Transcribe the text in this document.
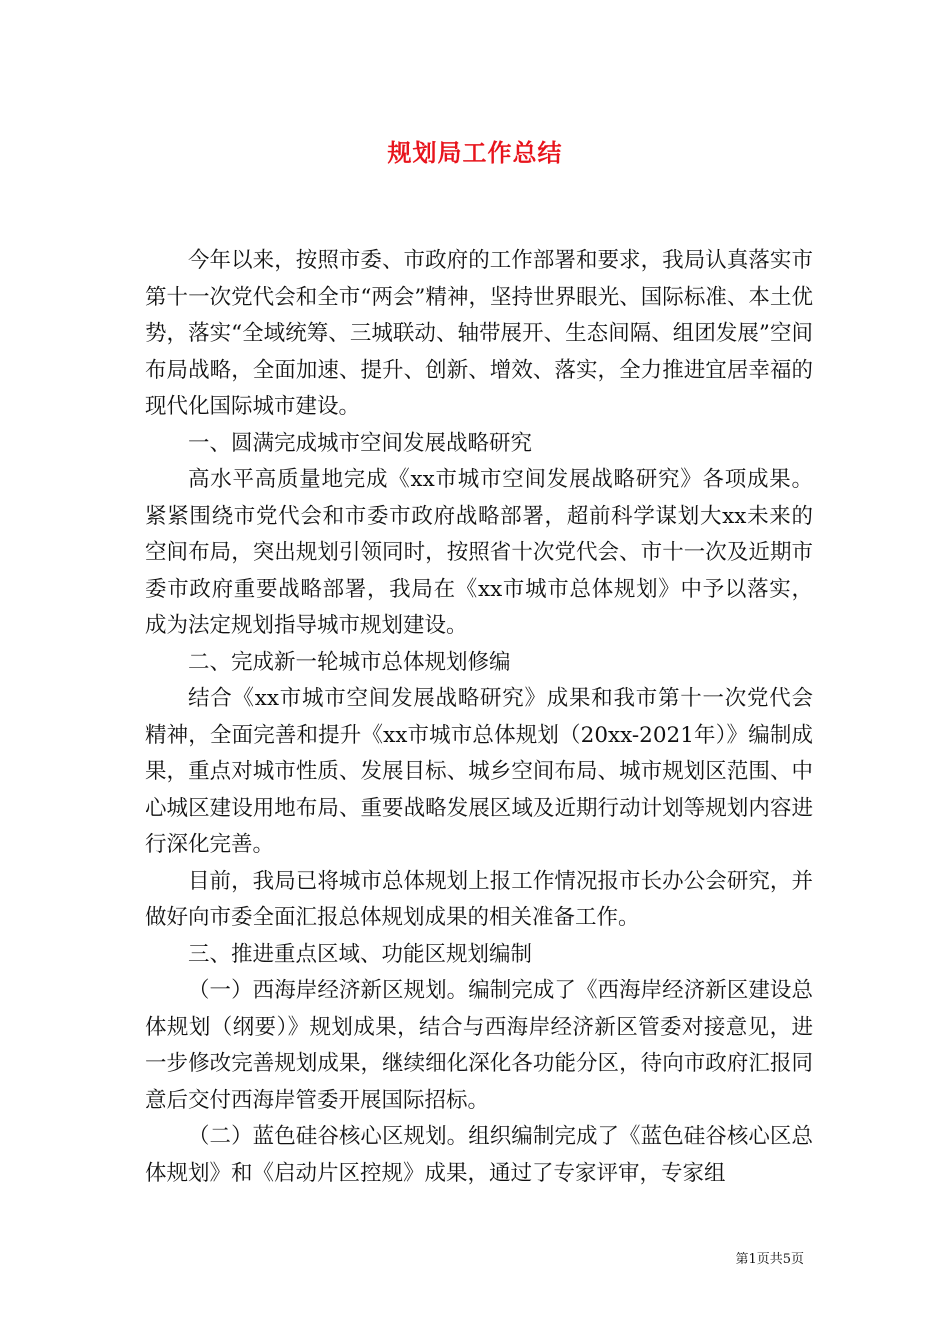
规划局工作总结

今年以来，按照市委、市政府的工作部署和要求，我局认真落实市第十一次党代会和全市“两会”精神，坚持世界眼光、国际标准、本土优势，落实“全域统筹、三城联动、轴带展开、生态间隔、组团发展”空间布局战略，全面加速、提升、创新、增效、落实，全力推进宜居幸福的现代化国际城市建设。

一、圆满完成城市空间发展战略研究

高水平高质量地完成《xx市城市空间发展战略研究》各项成果。紧紧围绕市党代会和市委市政府战略部署，超前科学谋划大xx未来的空间布局，突出规划引领同时，按照省十次党代会、市十一次及近期市委市政府重要战略部署，我局在《xx市城市总体规划》中予以落实，成为法定规划指导城市规划建设。

二、完成新一轮城市总体规划修编

结合《xx市城市空间发展战略研究》成果和我市第十一次党代会精神，全面完善和提升《xx市城市总体规划（20xx-2021年）》编制成果，重点对城市性质、发展目标、城乡空间布局、城市规划区范围、中心城区建设用地布局、重要战略发展区域及近期行动计划等规划内容进行深化完善。

目前，我局已将城市总体规划上报工作情况报市长办公会研究，并做好向市委全面汇报总体规划成果的相关准备工作。

三、推进重点区域、功能区规划编制

（一）西海岸经济新区规划。编制完成了《西海岸经济新区建设总体规划（纲要）》规划成果，结合与西海岸经济新区管委对接意见，进一步修改完善规划成果，继续细化深化各功能分区，待向市政府汇报同意后交付西海岸管委开展国际招标。

（二）蓝色硅谷核心区规划。组织编制完成了《蓝色硅谷核心区总体规划》和《启动片区控规》成果，通过了专家评审，专家组

第1页共5页
